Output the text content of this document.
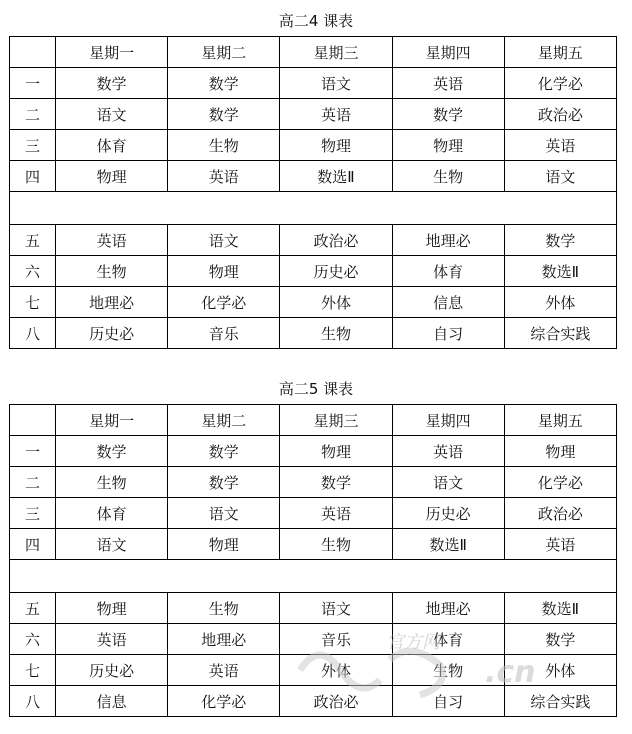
高二4 课表
	星期一	星期二	星期三	星期四	星期五
一	数学	数学	语文	英语	化学必
二	语文	数学	英语	数学	政治必
三	体育	生物	物理	物理	英语
四	物理	英语	数选Ⅱ	生物	语文

五	英语	语文	政治必	地理必	数学
六	生物	物理	历史必	体育	数选Ⅱ
七	地理必	化学必	外体	信息	外体
八	历史必	音乐	生物	自习	综合实践
高二5 课表
	星期一	星期二	星期三	星期四	星期五
一	数学	数学	物理	英语	物理
二	生物	数学	数学	语文	化学必
三	体育	语文	英语	历史必	政治必
四	语文	物理	生物	数选Ⅱ	英语

五	物理	生物	语文	地理必	数选Ⅱ
六	英语	地理必	音乐	体育	数学
七	历史必	英语	外体	生物	外体
八	信息	化学必	政治必	自习	综合实践
官方网
.cn
